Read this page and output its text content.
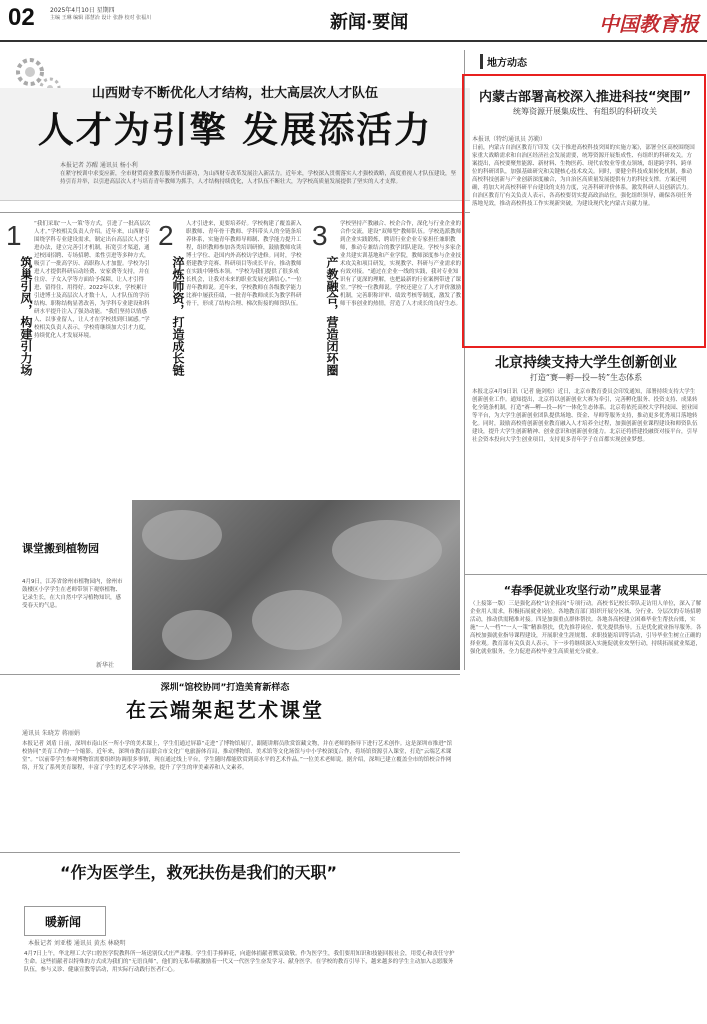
02	2025年4月10日 星期四
主编 王琳 编辑 邵慧冶 设计 张静 校对 张福川	新闻·要闻	中国教育报
山西财专不断优化人才结构，壮大高层次人才队伍
人才为引擎 发展添活力
本报记者 苏醒 通讯员 杨小利
在紧守校训中求变应新，全市财贸商业教育服务作出新功，为山西财专改革发展注入新活力。近年来，学校深入贯彻落实人才强校战略，高度重视人才队伍建设，坚持引育并举，以引进高层次人才与培育青年教师为抓手，人才结构持续优化，人才队伍不断壮大，为学校高质量发展提供了坚实的人才支撑。
1
筑巢引凤，构建引力场
“我们采取‘一人一策’等方式，引进了一批高层次人才。”学校相关负责人介绍。近年来，山西财专围绕学科专业建设需求，制定出台高层次人才引进办法，建立完善引才机制，拓宽引才渠道，通过校园招聘、专场招聘、柔性引进等多种方式，吸引了一批高学历、高职称人才加盟。学校为引进人才提供科研启动经费、安家费等支持，并在住房、子女入学等方面给予保障，让人才引得进、留得住、用得好。2022年以来，学校累计引进博士及高层次人才数十人，人才队伍的学历结构、职称结构显著改善，为学科专业建设和科研水平提升注入了强劲动能。“我们坚持以情感人、以事业留人，让人才在学校找到归属感。”学校相关负责人表示，学校将继续加大引才力度，持续优化人才发展环境。
2
淬炼师资，打造成长链
人才引进来，更要培养好。学校构建了覆盖新入职教师、青年骨干教师、学科带头人的全链条培养体系，实施青年教师导师制、教学能力提升工程，组织教师参加各类培训研修，鼓励教师攻读博士学位、赴国内外高校访学进修。同时，学校搭建教学竞赛、科研项目等成长平台，推动教师在实践中锤炼本领。“学校为我们提供了很多成长机会，让我对未来的职业发展充满信心。”一位青年教师说。近年来，学校教师在各级教学能力比赛中屡获佳绩，一批青年教师成长为教学科研骨干，形成了结构合理、梯次衔接的师资队伍。
3
产教融合，营造闭环圈
学校坚持产教融合、校企合作，深化与行业企业的合作交流，建设“双师型”教师队伍。学校选派教师到企业实践锻炼，聘请行业企业专家担任兼职教师，推动专兼结合的教学团队建设。学校与多家企业共建实训基地和产业学院，教师深度参与企业技术攻关和项目研发，实现教学、科研与产业需求的有效对接。“通过在企业一线的实践，我对专业知识有了更深的理解，也把最新的行业案例带进了课堂。”学校一位教师说。学校还建立了人才评价激励机制，完善职称评审、绩效考核等制度，激发了教师干事创业的热情，营造了人才成长的良好生态。
地方动态
内蒙古部署高校深入推进科技“突围”
统筹资源开展集成性、有组织的科研攻关
本报讯（特约通讯员 苏勤）
日前，内蒙古自治区教育厅印发《关于推进高校科技突围的实施方案》，部署全区高校围绕国家重大战略需求和自治区经济社会发展需要，统筹资源开展集成性、有组织的科研攻关。方案提出，高校要聚焦能源、新材料、生物医药、现代农牧业等重点领域，组建跨学科、跨单位的科研团队，加强基础研究和关键核心技术攻关。同时，要健全科技成果转化机制，推动高校科技创新与产业创新深度融合，为自治区高质量发展提供有力的科技支撑。方案还明确，将加大对高校科研平台建设的支持力度，完善科研评价体系，激发科研人员创新活力。自治区教育厅有关负责人表示，各高校要切实提高政治站位，强化组织领导，确保各项任务落地见效，推动高校科技工作实现新突破，为建设现代化内蒙古贡献力量。
北京持续支持大学生创新创业
打造“赛—孵—投—转”生态体系
本报北京4月9日讯（记者 施剑松）近日，北京市教育委员会印发通知，部署持续支持大学生创新创业工作。通知提出，北京将以创新创业大赛为牵引，完善孵化服务、投资支持、成果转化全链条机制，打造“赛—孵—投—转”一体化生态体系。北京将依托高校大学科技园、创业园等平台，为大学生创新创业团队提供场地、资金、导师等服务支持，推动更多优秀项目落地转化。同时，鼓励高校将创新创业教育融入人才培养全过程，加强创新创业课程建设和师资队伍建设，提升大学生创新精神、创业意识和创新创业能力。北京还将搭建投融资对接平台，引导社会资本投向大学生创业项目，支持更多青年学子在首都实现创业梦想。
课堂搬到植物园
4月9日，江苏省徐州市植物园内，徐州市鼓楼区小学学生在老师带领下观察植物、记录生长，在大自然中学习植物知识，感受春天的气息。
新华社
“春季促就业攻坚行动”成果显著
（上接第一版）三是强化高校“访企拓岗”专项行动。高校书记校长带队走访用人单位，深入了解企业用人需求，积极拓展就业岗位。各地教育部门组织开展分区域、分行业、分层次的专场招聘活动，推动供需精准对接。四是加强重点群体帮扶。各地各高校建立困难毕业生帮扶台账，实施“一人一档”“一人一策”精准帮扶，优先推荐岗位、优先提供指导。五是优化就业指导服务。各高校加强就业指导课程建设，开展职业生涯规划、求职技能培训等活动，引导毕业生树立正确的择业观。教育部有关负责人表示，下一步将继续深入实施促就业攻坚行动，持续拓展就业渠道，强化就业服务，全力促进高校毕业生高质量充分就业。
深圳“馆校协同”打造美育新样态
在云端架起艺术课堂
通讯员 朱晓芳 蒋丽娟
本报记者 刘盾 日前，深圳市南山区一所小学的美术课上，学生们通过屏幕“走进”了博物馆展厅，跟随讲解员欣赏馆藏文物，并在老师的指导下进行艺术创作。这是深圳市推进“馆校协同”美育工作的一个缩影。近年来，深圳市教育局联合市文化广电旅游体育局，推动博物馆、美术馆等文化场馆与中小学校深度合作，将场馆资源引入课堂，打造“云端艺术课堂”。“以前带学生参观博物馆需要组织协调很多事情，现在通过线上平台，学生随时都能欣赏到高水平的艺术作品。”一位美术老师说。据介绍，深圳已建立覆盖全市的馆校合作网络，开发了系列美育课程，丰富了学生的艺术学习体验，提升了学生的审美素养和人文素养。
“作为医学生，救死扶伤是我们的天职”
暖新闻
本报记者 刘亚楼 通讯员 黄杰 林晓明
4月7日上午，华北理工大学口腔医学院教科所一场送别仪式庄严肃穆。学生们手捧鲜花，向遗体捐献者默哀致敬。作为医学生，我们要用知识和技能回报社会，用爱心和责任守护生命。这些捐献者以特殊的方式成为我们的“无语良师”，他们的无私奉献激励着一代又一代医学生奋发学习、献身医学。在学校的教育引导下，越来越多的学生主动加入志愿服务队伍，参与义诊、健康宣教等活动，用实际行动践行医者仁心。
